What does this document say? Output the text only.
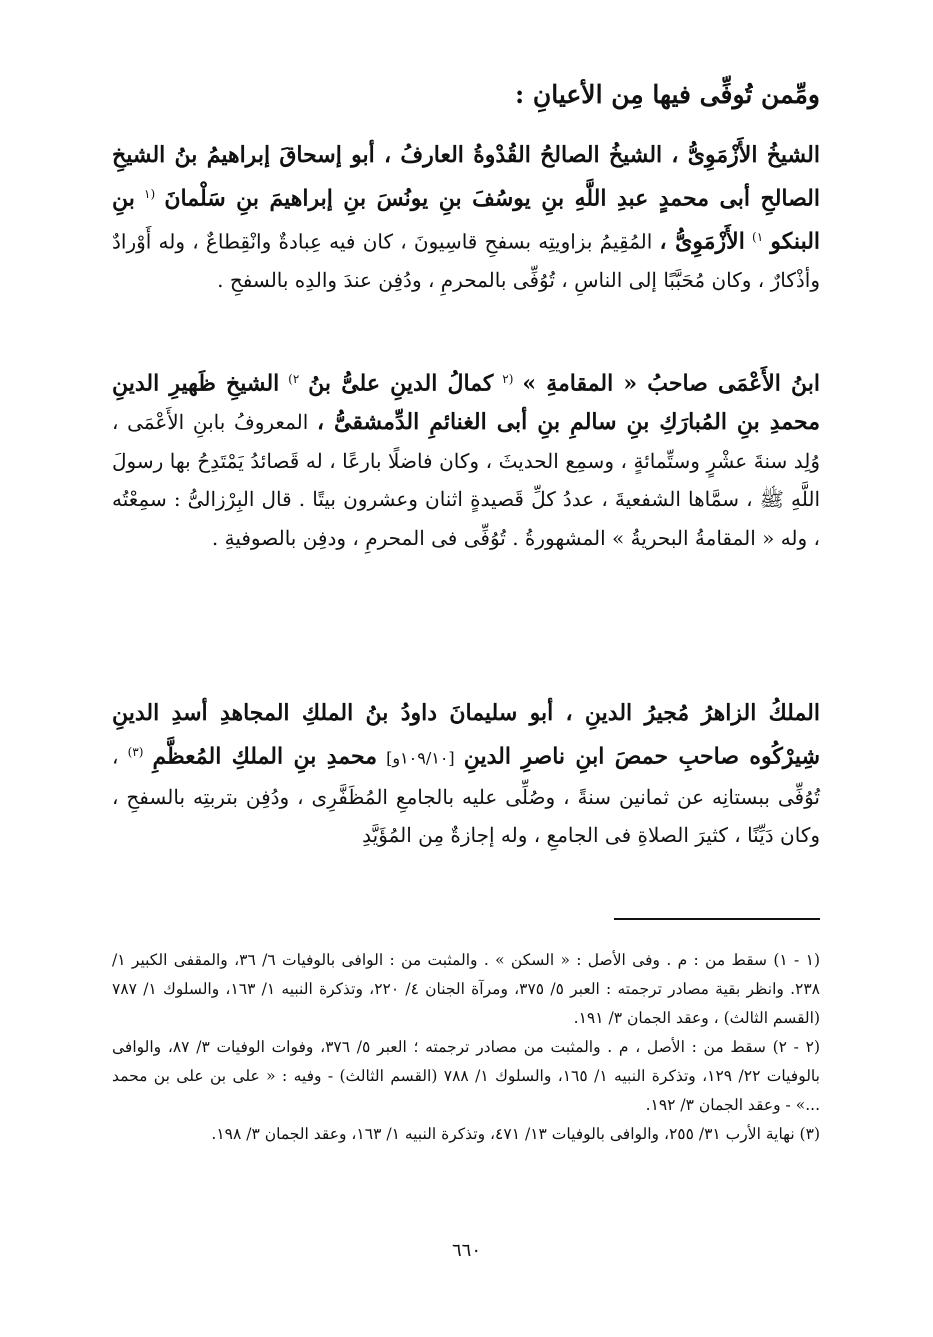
ومِّمن تُوفِّى فيها مِن الأعيانِ :
الشيخُ الأَزْمَوِىُّ ، الشيخُ الصالحُ القُدْوةُ العارفُ ، أبو إسحاقَ إبراهيمُ بنُ الشيخِ الصالحِ أبى محمدٍ عبدِ اللَّهِ بنِ يوسُفَ بنِ يونُسَ بنِ إبراهيمَ بنِ سَلْمانَ $^{(١}$ بنِ البنكو $^{١)}$ الأَزْمَوِىُّ ، المُقِيمُ بزاويتِه بسفحِ قاسِيونَ ، كان فيه عِبادةٌ وانْقِطاعٌ ، وله أَوْرادٌ وأذْكارٌ ، وكان مُحَبَّبًا إلى الناسِ ، تُوُفِّى بالمحرمِ ، ودُفِن عندَ والدِه بالسفحِ .
ابنُ الأَعْمَى صاحبُ « المقامةِ » $^{(٢}$ كمالُ الدينِ علىُّ بنُ $^{٢)}$ الشيخِ ظَهيرِ الدينِ محمدِ بنِ المُبارَكِ بنِ سالمِ بنِ أبى الغنائمِ الدِّمشقىُّ ، المعروفُ بابنِ الأَعْمَى ، وُلِد سنةَ عشْرٍ وستِّمائةٍ ، وسمِع الحديثَ ، وكان فاضلًا بارعًا ، له قَصائدُ يَمْتَدِحُ بها رسولَ اللَّهِ ﷺ ، سمَّاها الشفعيةَ ، عددُ كلِّ قَصيدةٍ اثنان وعشرون بيتًا . قال البِرْزالىُّ : سمِعْتُه ، وله « المقامةُ البحريةُ » المشهورةُ . تُوُفِّى فى المحرمِ ، ودفِن بالصوفيةِ .
الملكُ الزاهرُ مُجيرُ الدينِ ، أبو سليمانَ داودُ بنُ الملكِ المجاهدِ أسدِ الدينِ شِيرْكُوه صاحبِ حمصَ ابنِ ناصرِ الدينِ [١٠٩/١٠و] محمدِ بنِ الملكِ المُعظَّمِ $^{(٣)}$ ، تُوُفِّى ببستانِه عن ثمانين سنةً ، وصُلِّى عليه بالجامعِ المُظَفَّرِى ، ودُفِن بتربتِه بالسفحِ ، وكان دَيِّنًا ، كثيرَ الصلاةِ فى الجامعِ ، وله إجازةٌ مِن المُؤَيَّدِ

(١ - ١) سقط من : م . وفى الأصل : « السكن » . والمثبت من : الوافى بالوفيات ٦/ ٣٦، والمقفى الكبير ١/ ٢٣٨. وانظر بقية مصادر ترجمته : العبر ٥/ ٣٧٥، ومرآة الجنان ٤/ ٢٢٠، وتذكرة النبيه ١/ ١٦٣، والسلوك ١/ ٧٨٧ (القسم الثالث) ، وعقد الجمان ٣/ ١٩١.

(٢ - ٢) سقط من : الأصل ، م . والمثبت من مصادر ترجمته ؛ العبر ٥/ ٣٧٦، وفوات الوفيات ٣/ ٨٧، والوافى بالوفيات ٢٢/ ١٢٩، وتذكرة النبيه ١/ ١٦٥، والسلوك ١/ ٧٨٨ (القسم الثالث) - وفيه : « على بن على بن محمد ...» - وعقد الجمان ٣/ ١٩٢.

(٣) نهاية الأرب ٣١/ ٢٥٥، والوافى بالوفيات ١٣/ ٤٧١، وتذكرة النبيه ١/ ١٦٣، وعقد الجمان ٣/ ١٩٨.

٦٦٠
